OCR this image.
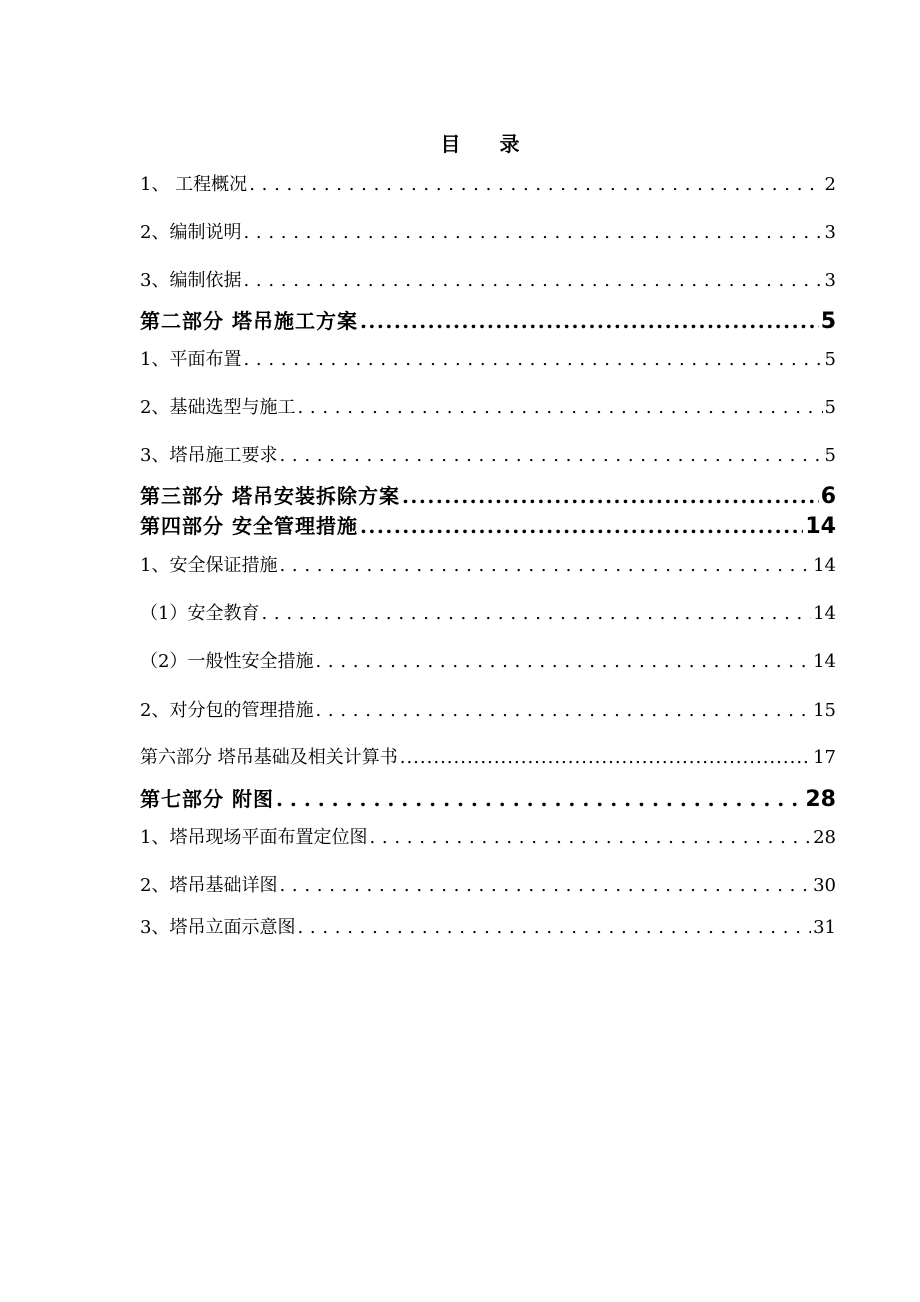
目 录
1、 工程概况 . . .	2
2、编制说明 . . .	3
3、编制依据 . . .	3
第二部分 塔吊施工方案 .....	5
1、平面布置 . . .	5
2、基础选型与施工 . . .	5
3、塔吊施工要求 . . .	5
第三部分 塔吊安装拆除方案 .....	6
第四部分 安全管理措施 .....	14
1、安全保证措施 . . .	14
（1）安全教育 . . .	14
（2）一般性安全措施 . . .	14
2、对分包的管理措施 . . .	15
第六部分 塔吊基础及相关计算书 .....	17
第七部分 附图 . . .	28
1、塔吊现场平面布置定位图 . . .	28
2、塔吊基础详图 . . .	30
3、塔吊立面示意图 . . .	31
